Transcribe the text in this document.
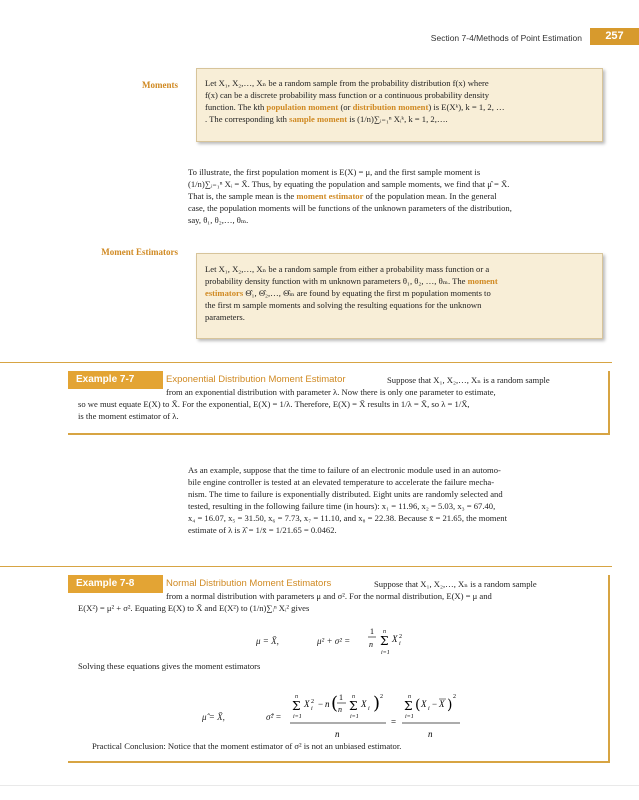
Section 7-4/Methods of Point Estimation	257
Moments	Let X₁, X₂,…, Xₙ be a random sample from the probability distribution f(x) where
f(x) can be a discrete probability mass function or a continuous probability density
function. The kth population moment (or distribution moment) is E(Xᵏ), k = 1, 2, …
. The corresponding kth sample moment is (1/n)∑ᵢ₌₁ⁿ Xᵢᵏ, k = 1, 2,….
To illustrate, the first population moment is E(X) = μ, and the first sample moment is
(1/n)∑ᵢ₌₁ⁿ Xᵢ = X̄. Thus, by equating the population and sample moments, we find that μ̂ = X̄.
That is, the sample mean is the moment estimator of the population mean. In the general
case, the population moments will be functions of the unknown parameters of the distribution,
say, θ₁, θ₂,…, θₘ.
Moment Estimators
Let X₁, X₂,…, Xₙ be a random sample from either a probability mass function or a
probability density function with m unknown parameters θ₁, θ₂, …, θₘ. The moment
estimators Θ̂₁, Θ̂₂,…, Θ̂ₘ are found by equating the first m population moments to
the first m sample moments and solving the resulting equations for the unknown
parameters.
Example 7-7	Exponential Distribution Moment Estimator	Suppose that X₁, X₂,…, Xₙ is a random sample
from an exponential distribution with parameter λ. Now there is only one parameter to estimate,
so we must equate E(X) to X̄. For the exponential, E(X) = 1/λ. Therefore, E(X) = X̄ results in 1/λ = X̄, so λ = 1/X̄,
is the moment estimator of λ.
As an example, suppose that the time to failure of an electronic module used in an automo-
bile engine controller is tested at an elevated temperature to accelerate the failure mecha-
nism. The time to failure is exponentially distributed. Eight units are randomly selected and
tested, resulting in the following failure time (in hours): x₁ = 11.96, x₂ = 5.03, x₃ = 67.40,
x₄ = 16.07, x₅ = 31.50, x₆ = 7.73, x₇ = 11.10, and x₈ = 22.38. Because x̄ = 21.65, the moment
estimate of λ is λ̂ = 1/x̄ = 1/21.65 = 0.0462.
Example 7-8	Normal Distribution Moment Estimators	Suppose that X₁, X₂,…, Xₙ is a random sample
from a normal distribution with parameters μ and σ². For the normal distribution, E(X) = μ and
E(X²) = μ² + σ². Equating E(X) to X̄ and E(X²) to (1/n)∑ᵢⁿ Xᵢ² gives
μ = X̄,	μ² + σ² =
1
n
n
Σ
i=1
X 2
i
Solving these equations gives the moment estimators
μ̂ = X̄,	σ̂² =
n
Σ
i=1
X 2
i − n ( 1
n
n
Σ
i=1
X i ) 2
n
=
n
Σ
i=1
( X i − X ) 2
n
Practical Conclusion: Notice that the moment estimator of σ² is not an unbiased estimator.
